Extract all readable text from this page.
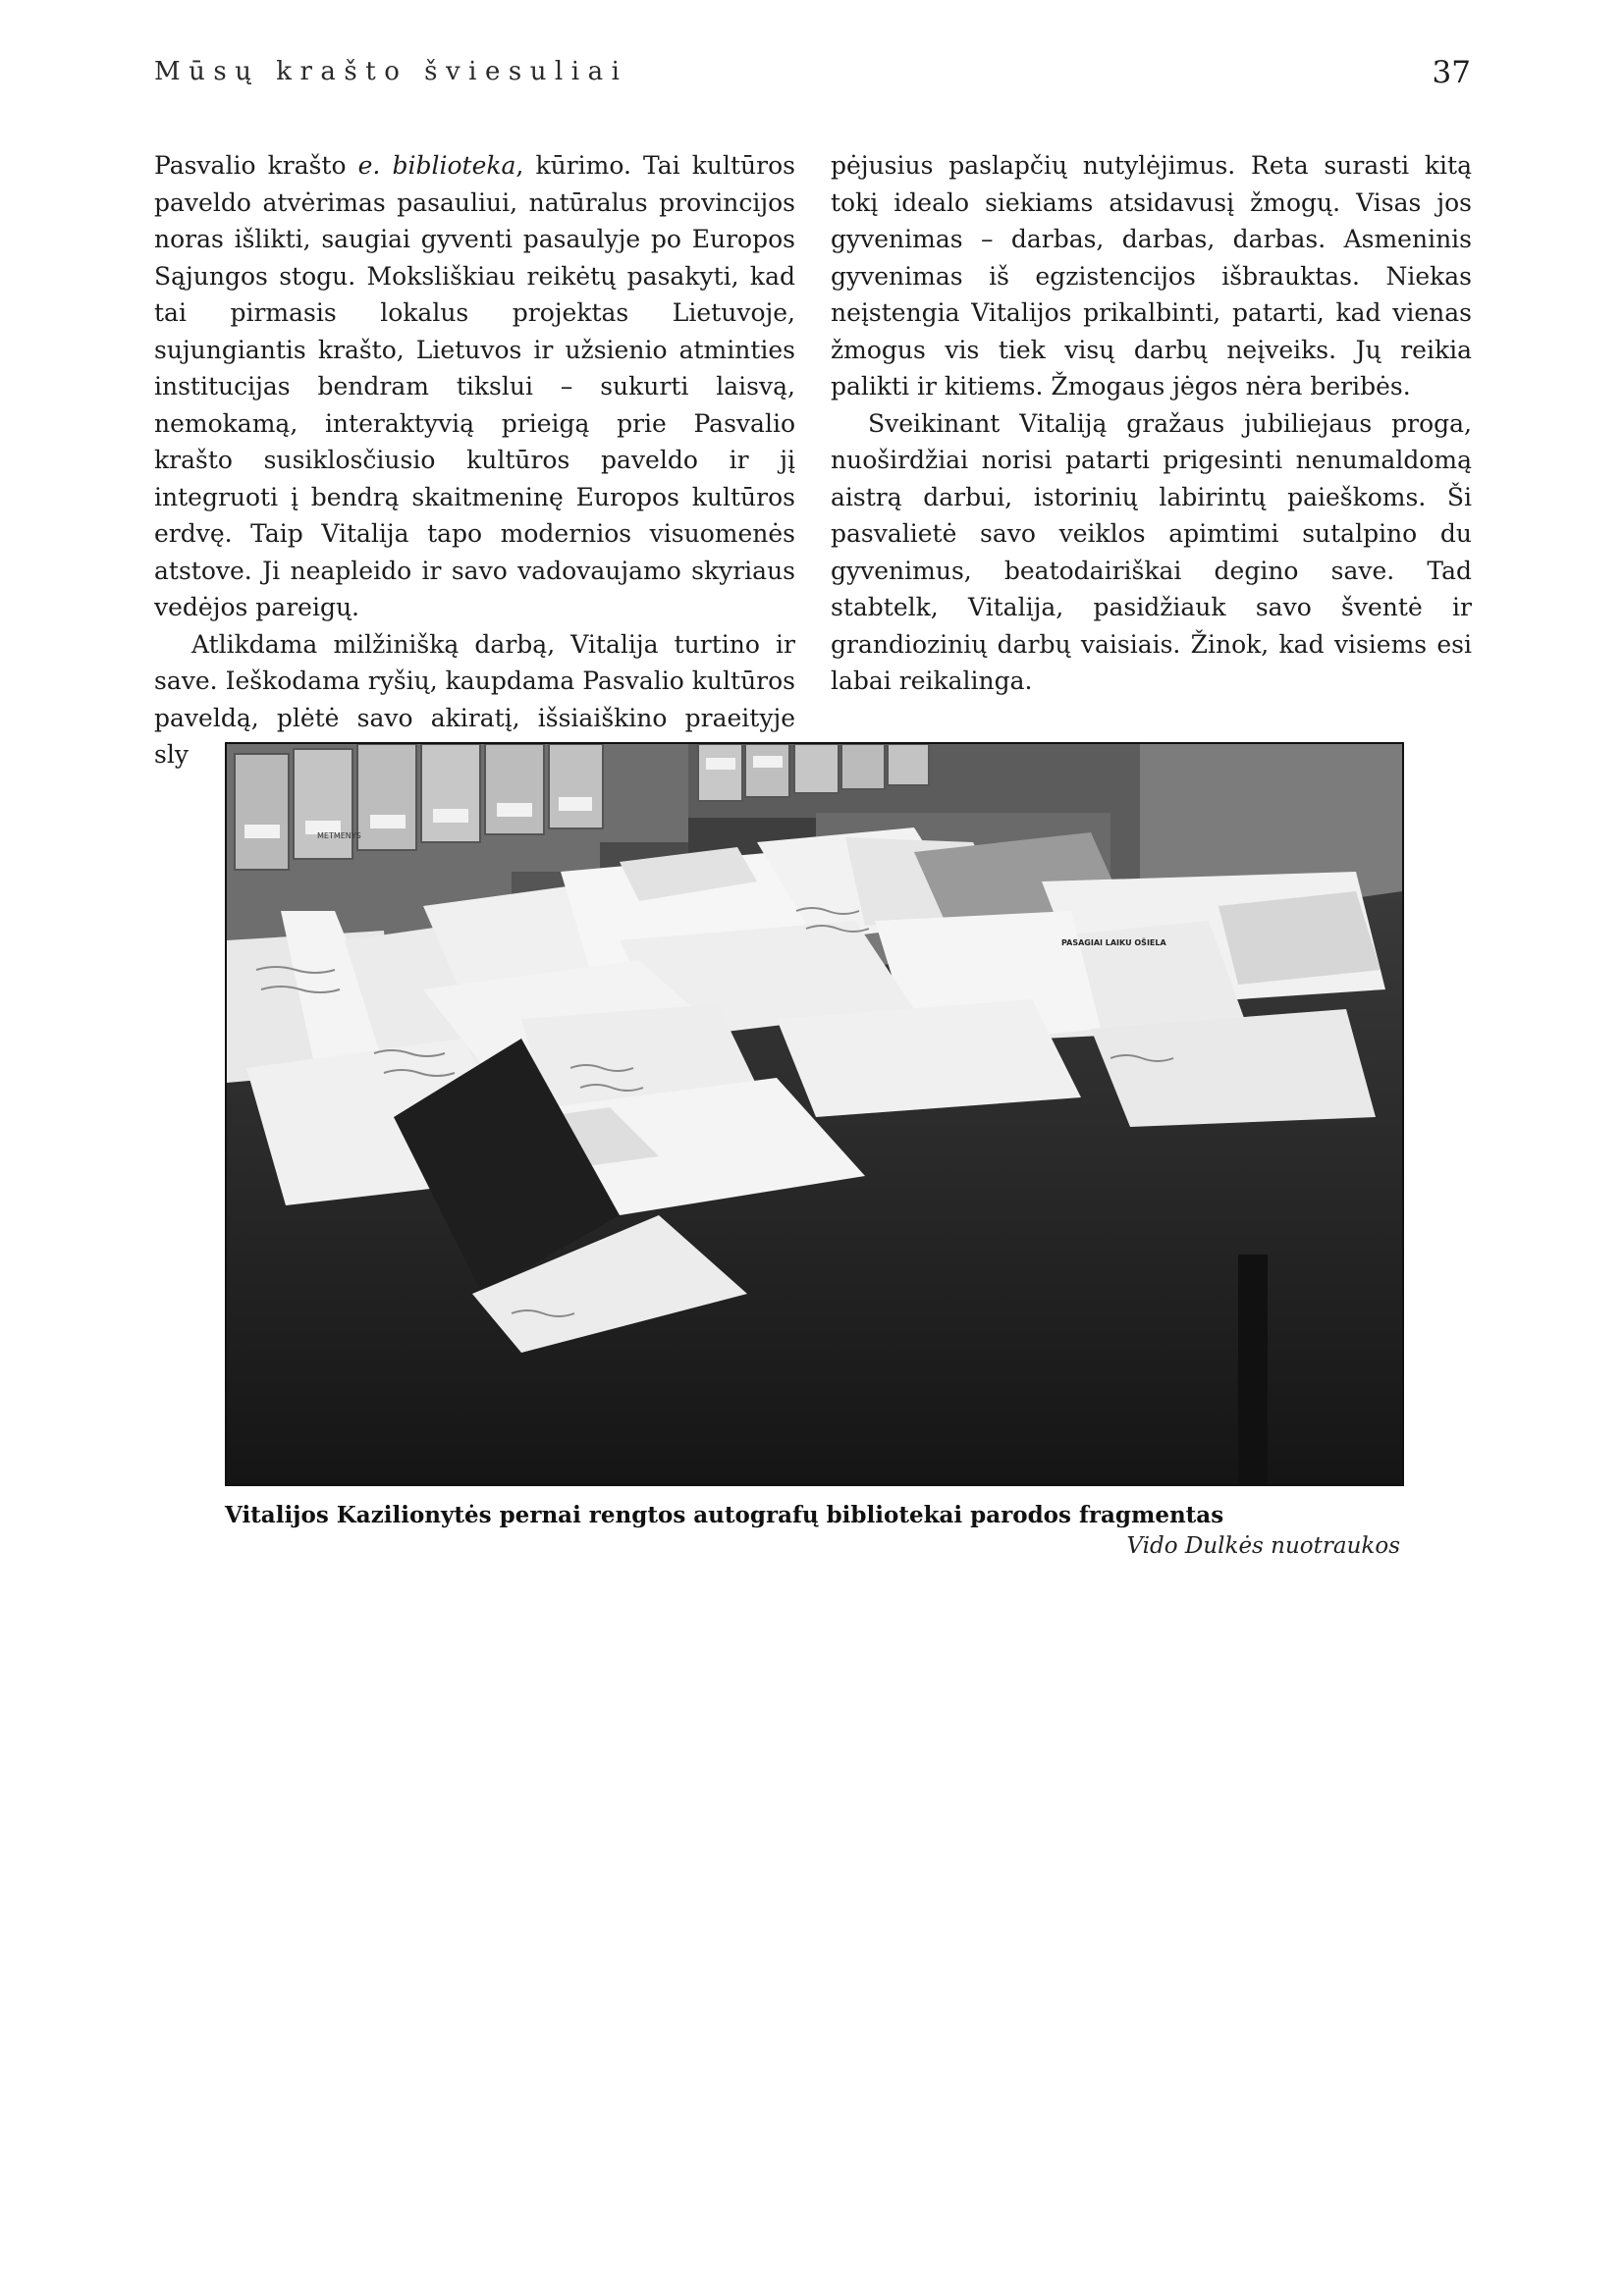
Mūsų krašto šviesuliai	37

Pasvalio krašto e. biblioteka, kūrimo. Tai kultūros paveldo atvėrimas pasauliui, natūralus provincijos noras išlikti, saugiai gyventi pasaulyje po Europos Sąjungos stogu. Moksliškiau reikėtų pasakyti, kad tai pirmasis lokalus projektas Lietuvoje, sujungiantis krašto, Lietuvos ir užsienio atminties institucijas bendram tikslui – sukurti laisvą, nemokamą, interaktyvią prieigą prie Pasvalio krašto susiklosčiusio kultūros paveldo ir jį integruoti į bendrą skaitmeninę Europos kultūros erdvę. Taip Vitalija tapo modernios visuomenės atstove. Ji neapleido ir savo vadovaujamo skyriaus vedėjos pareigų.

Atlikdama milžinišką darbą, Vitalija turtino ir save. Ieškodama ryšių, kaupdama Pasvalio kultūros paveldą, plėtė savo akiratį, išsiaiškino praeityje sly

pėjusius paslapčių nutylėjimus. Reta surasti kitą tokį idealo siekiams atsidavusį žmogų. Visas jos gyvenimas – darbas, darbas, darbas. Asmeninis gyvenimas iš egzistencijos išbrauktas. Niekas neįstengia Vitalijos prikalbinti, patarti, kad vienas žmogus vis tiek visų darbų neįveiks. Jų reikia palikti ir kitiems. Žmogaus jėgos nėra beribės.

Sveikinant Vitaliją gražaus jubiliejaus proga, nuoširdžiai norisi patarti prigesinti nenumaldomą aistrą darbui, istorinių labirintų paieškoms. Ši pasvalietė savo veiklos apimtimi sutalpino du gyvenimus, beatodairiškai degino save. Tad stabtelk, Vitalija, pasidžiauk savo šventė ir grandiozinių darbų vaisiais. Žinok, kad visiems esi labai reikalinga.

METMENYS
PASAGIAI LAIKU OŠIELA
Vitalijos Kazilionytės pernai rengtos autografų bibliotekai parodos fragmentas
Vido Dulkės nuotraukos
